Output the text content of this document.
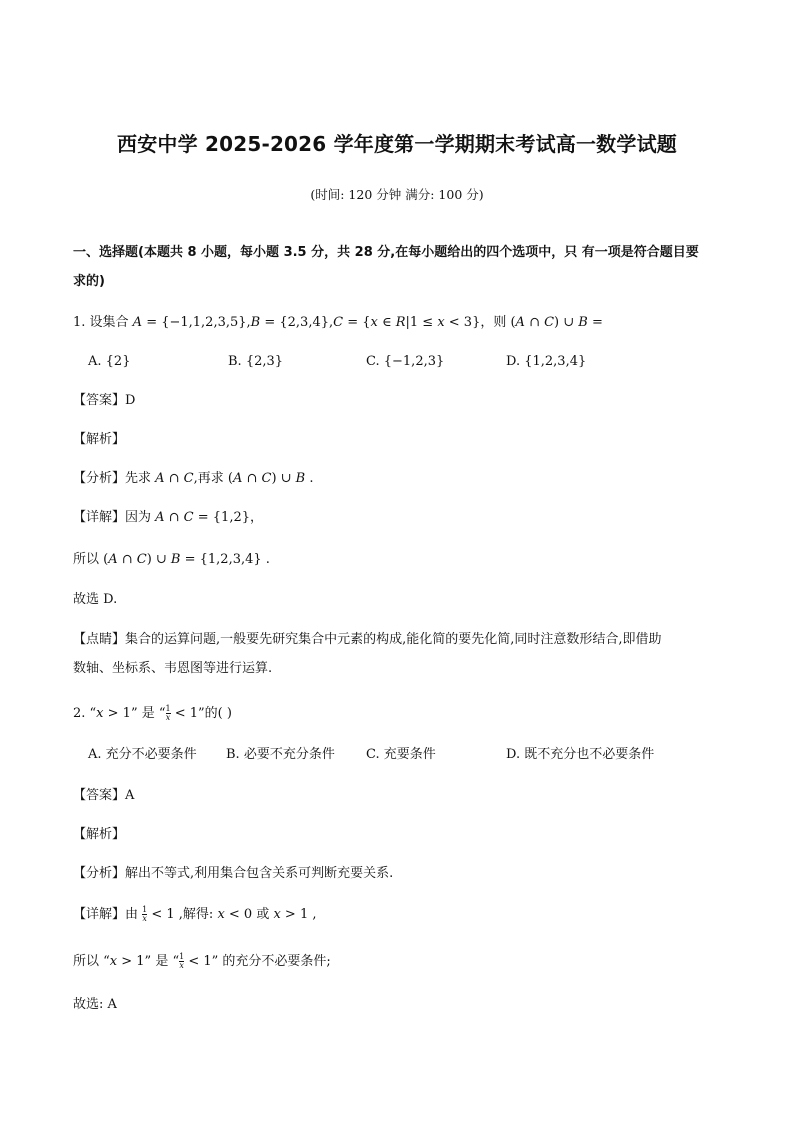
西安中学 2025-2026 学年度第一学期期末考试高一数学试题
(时间: 120 分钟 满分: 100 分)
一、选择题(本题共 8 小题，每小题 3.5 分，共 28 分,在每小题给出的四个选项中，只 有一项是符合题目要
求的)
1. 设集合 𝐴 = {−1,1,2,3,5},𝐵 = {2,3,4},𝐶 = {𝑥 ∈ 𝑅|1 ≤ 𝑥 < 3}，则 (𝐴 ∩ 𝐶) ∪ 𝐵 =
A. {2}	B. {2,3}	C. {−1,2,3}	D. {1,2,3,4}
【答案】D
【解析】
【分析】先求 𝐴 ∩ 𝐶,再求 (𝐴 ∩ 𝐶) ∪ 𝐵 .
【详解】因为 𝐴 ∩ 𝐶 = {1,2}，
所以 (𝐴 ∩ 𝐶) ∪ 𝐵 = {1,2,3,4} .
故选 D.
【点睛】集合的运算问题,一般要先研究集合中元素的构成,能化简的要先化简,同时注意数形结合,即借助
数轴、坐标系、韦恩图等进行运算.
2. “𝑥 > 1” 是 “ $\frac{1}{\text{𝑥}} < 1$”的( )
A. 充分不必要条件 B. 必要不充分条件 C. 充要条件	D. 既不充分也不必要条件
【答案】A
【解析】
【分析】解出不等式,利用集合包含关系可判断充要关系.
【详解】由 $\frac{1}{\text{𝑥}} < 1$ ,解得: 𝑥 < 0 或 𝑥 > 1 ,
所以 “𝑥 > 1” 是 “ $\frac{1}{\text{𝑥}} < 1$” 的充分不必要条件;
故选: A
